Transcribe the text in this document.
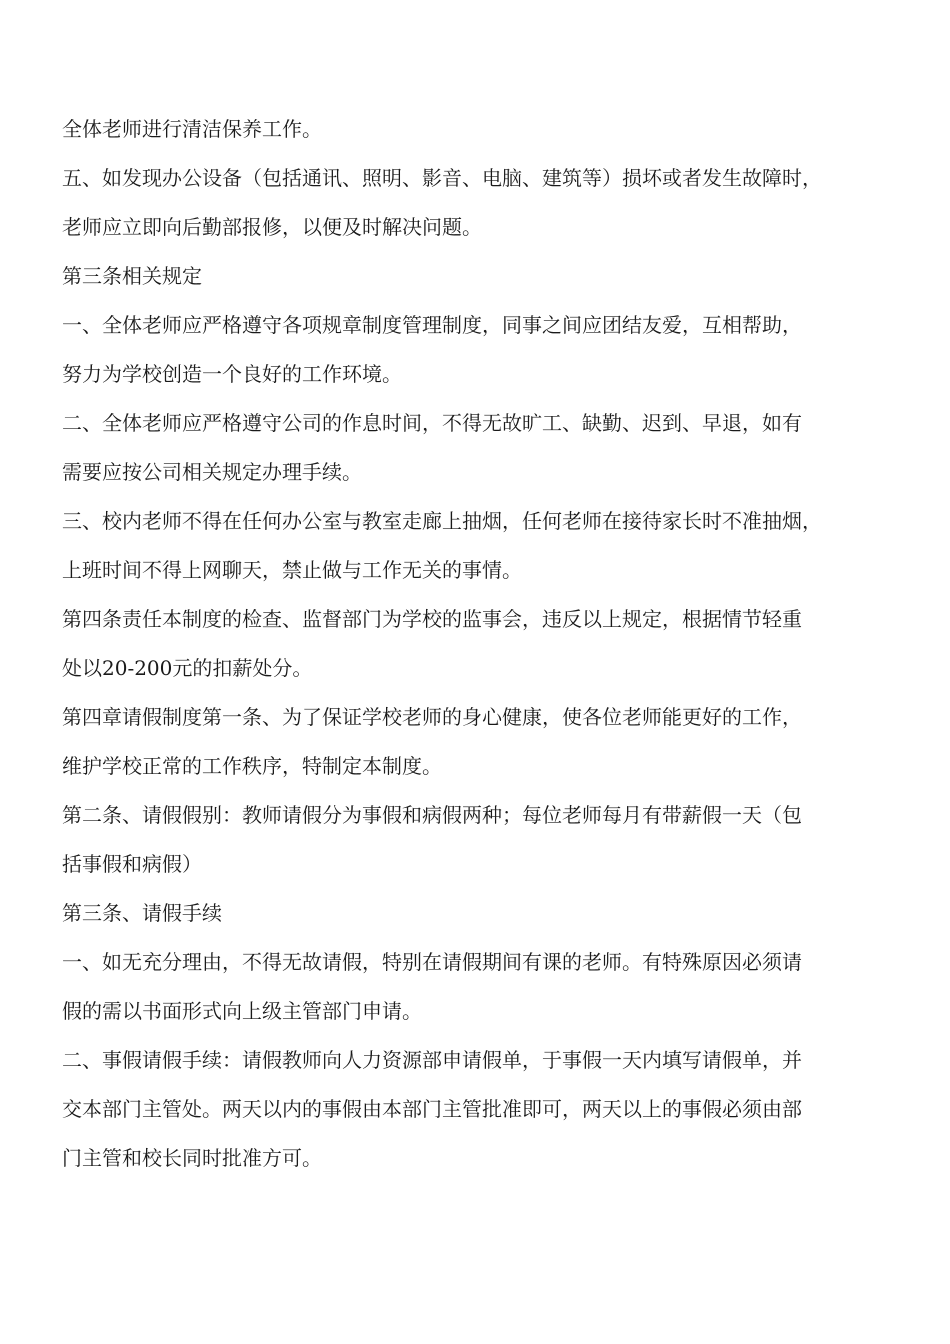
全体老师进行清洁保养工作。

五、如发现办公设备（包括通讯、照明、影音、电脑、建筑等）损坏或者发生故障时，

老师应立即向后勤部报修，以便及时解决问题。

第三条相关规定

一、全体老师应严格遵守各项规章制度管理制度，同事之间应团结友爱，互相帮助，

努力为学校创造一个良好的工作环境。

二、全体老师应严格遵守公司的作息时间，不得无故旷工、缺勤、迟到、早退，如有

需要应按公司相关规定办理手续。

三、校内老师不得在任何办公室与教室走廊上抽烟，任何老师在接待家长时不准抽烟，

上班时间不得上网聊天，禁止做与工作无关的事情。

第四条责任本制度的检查、监督部门为学校的监事会，违反以上规定，根据情节轻重

处以20-200元的扣薪处分。

第四章请假制度第一条、为了保证学校老师的身心健康，使各位老师能更好的工作，

维护学校正常的工作秩序，特制定本制度。

第二条、请假假别：教师请假分为事假和病假两种；每位老师每月有带薪假一天（包

括事假和病假）

第三条、请假手续

一、如无充分理由，不得无故请假，特别在请假期间有课的老师。有特殊原因必须请

假的需以书面形式向上级主管部门申请。

二、事假请假手续：请假教师向人力资源部申请假单，于事假一天内填写请假单，并

交本部门主管处。两天以内的事假由本部门主管批准即可，两天以上的事假必须由部

门主管和校长同时批准方可。
